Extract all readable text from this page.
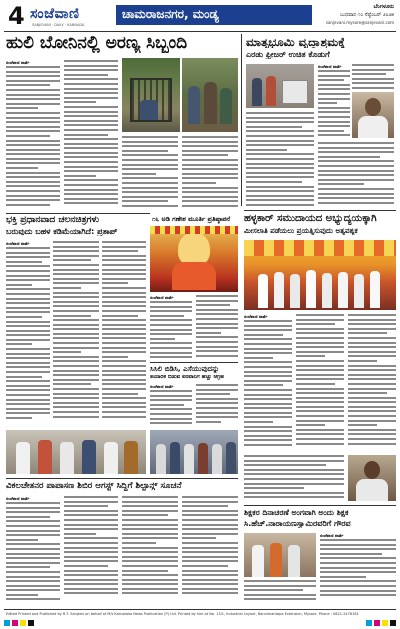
4 ಸಂಜೆವಾಣಿ
SANJEVANI · DAILY · KANNADA
ಚಾಮರಾಜನಗರ, ಮಂಡ್ಯ	ಬೆಂಗಳೂರು
ಬುಧವಾರ ೧೦ ಸೆಪ್ಟೆಂಬರ್ ೨೦೨೫
sanjevani.mysore@sanjevani.com
ಹುಲಿ ಬೋನಿನಲ್ಲಿ ಅರಣ್ಯ ಸಿಬ್ಬಂದಿ
ಸಂಜೆವಾಣಿ ವಾರ್ತೆ
ಮಾತೃಭೂಮಿ ವೃದ್ಧಾಶ್ರಮಕ್ಕೆ
ಎರಡು ಫ್ರೀಜರ್ ಉಚಿತ ಕೊಡುಗೆ
ಸಂಜೆವಾಣಿ ವಾರ್ತೆ
ಭಕ್ತಿ ಪ್ರಧಾನವಾದ ಚಲನಚಿತ್ರಗಳು
ಬರುವುದು ಬಹಳ ಕಡಿಮೆಯಾಗಿದೆ: ಪ್ರತಾಪ್
ಸಂಜೆವಾಣಿ ವಾರ್ತೆ
೧೬ ಅಡಿ ಗಣೇಶ ಮೂರ್ತಿ ಪ್ರತಿಷ್ಠಾಪನೆ
ಸಂಜೆವಾಣಿ ವಾರ್ತೆ
ಹಳ್ಳಕಾರ್ ಸಮುದಾಯದ ಅಭ್ಯುದ್ಯಯಕ್ಕಾಗಿ
ಮೀಸಲಾತಿ ಪಡೆಯಲು ಪ್ರಯತ್ನಿಸುವುದು ಅತ್ಯವಶ್ಯಕ
ಸಂಜೆವಾಣಿ ವಾರ್ತೆ
ಸಿಸಿಲಿ ಬಿಡಿಸಿ, ಎಸೆಯುವುದನ್ನು
ತಯಾರಿಕೆ ಬಿಡುವ ಪರವಾನಿಗೆ ಹೆಚ್ಚು ಆಗ್ರಹ
ಸಂಜೆವಾಣಿ ವಾರ್ತೆ
ವಿಕಲಚೇತನರ ಪಾಪಾಸಣ ಶಿಬಿರ ಆಗಸ್ಟ್ ಸಿದ್ದಿಗೆ ಶಿಲ್ಪಾನ್ಗ್ ಸೂಚನೆ
ಸಂಜೆವಾಣಿ ವಾರ್ತೆ
ಶಿಕ್ಷಕರ ದಿನಾಚರಣೆ ಅಂಗವಾಗಿ ಅಂದು ಶಿಕ್ಷಕ
ಸಿ.ಹೆಚ್.ನಾರಾಯಣಸ್ವಾಮಿರವರಿಗೆ ಗೌರವ
ಸಂಜೆವಾಣಿ ವಾರ್ತೆ
Edited Printed and Published by R.T. Sanjeev on behalf of M/s Karnataka News Publication (P) Ltd. Printed by him at No. 13/1, Industrial Layout, Bannimantapa Extension, Mysore. Phone : 0821-2476161
